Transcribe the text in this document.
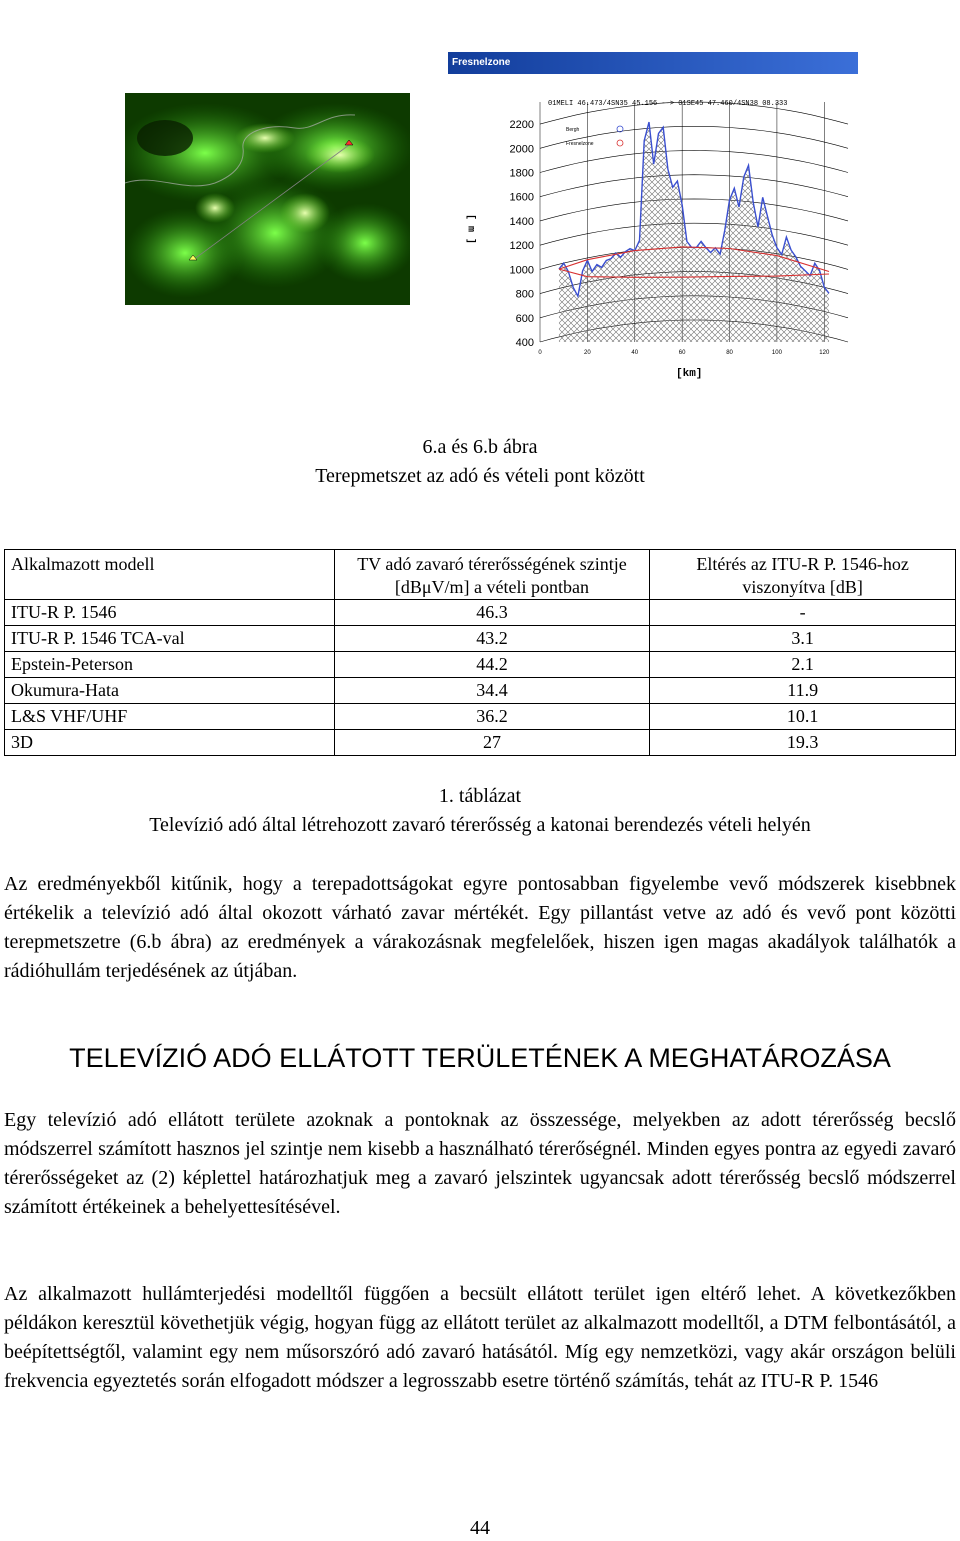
Fresnelzone
01MELI 46.473/4SN35 45.156 --> 01SE45 47.460/4SN38 08.333
400
600
800
1000
1200
1400
1600
1800
2000
2200
0	20	40	60	80	100	120
Bergh
Fresnelzone
[ m ]
[km]
6.a és 6.b ábra
Terepmetszet az adó és vételi pont között
Alkalmazott modell	TV adó zavaró térerősségének szintje [dBμV/m] a vételi pontban	Eltérés az ITU-R P. 1546-hoz viszonyítva [dB]
ITU-R P. 1546	46.3	-
ITU-R P. 1546 TCA-val	43.2	3.1
Epstein-Peterson	44.2	2.1
Okumura-Hata	34.4	11.9
L&S VHF/UHF	36.2	10.1
3D	27	19.3
1. táblázat
Televízió adó által létrehozott zavaró térerősség a katonai berendezés vételi helyén

Az eredményekből kitűnik, hogy a terepadottságokat egyre pontosabban figyelembe vevő módszerek kisebbnek értékelik a televízió adó által okozott várható zavar mértékét. Egy pillantást vetve az adó és vevő pont közötti terepmetszetre (6.b ábra) az eredmények a várakozásnak megfelelőek, hiszen igen magas akadályok találhatók a rádióhullám terjedésének az útjában.

TELEVÍZIÓ ADÓ ELLÁTOTT TERÜLETÉNEK A MEGHATÁROZÁSA

Egy televízió adó ellátott területe azoknak a pontoknak az összessége, melyekben az adott térerősség becslő módszerrel számított hasznos jel szintje nem kisebb a használható térerőségnél. Minden egyes pontra az egyedi zavaró térerősségeket az (2) képlettel határozhatjuk meg a zavaró jelszintek ugyancsak adott térerősség becslő módszerrel számított értékeinek a behelyettesítésével.

Az alkalmazott hullámterjedési modelltől függően a becsült ellátott terület igen eltérő lehet. A következőkben példákon keresztül követhetjük végig, hogyan függ az ellátott terület az alkalmazott modelltől, a DTM felbontásától, a beépítettségtől, valamint egy nem műsorszóró adó zavaró hatásától. Míg egy nemzetközi, vagy akár országon belüli frekvencia egyeztetés során elfogadott módszer a legrosszabb esetre történő számítás, tehát az ITU-R P. 1546

44
